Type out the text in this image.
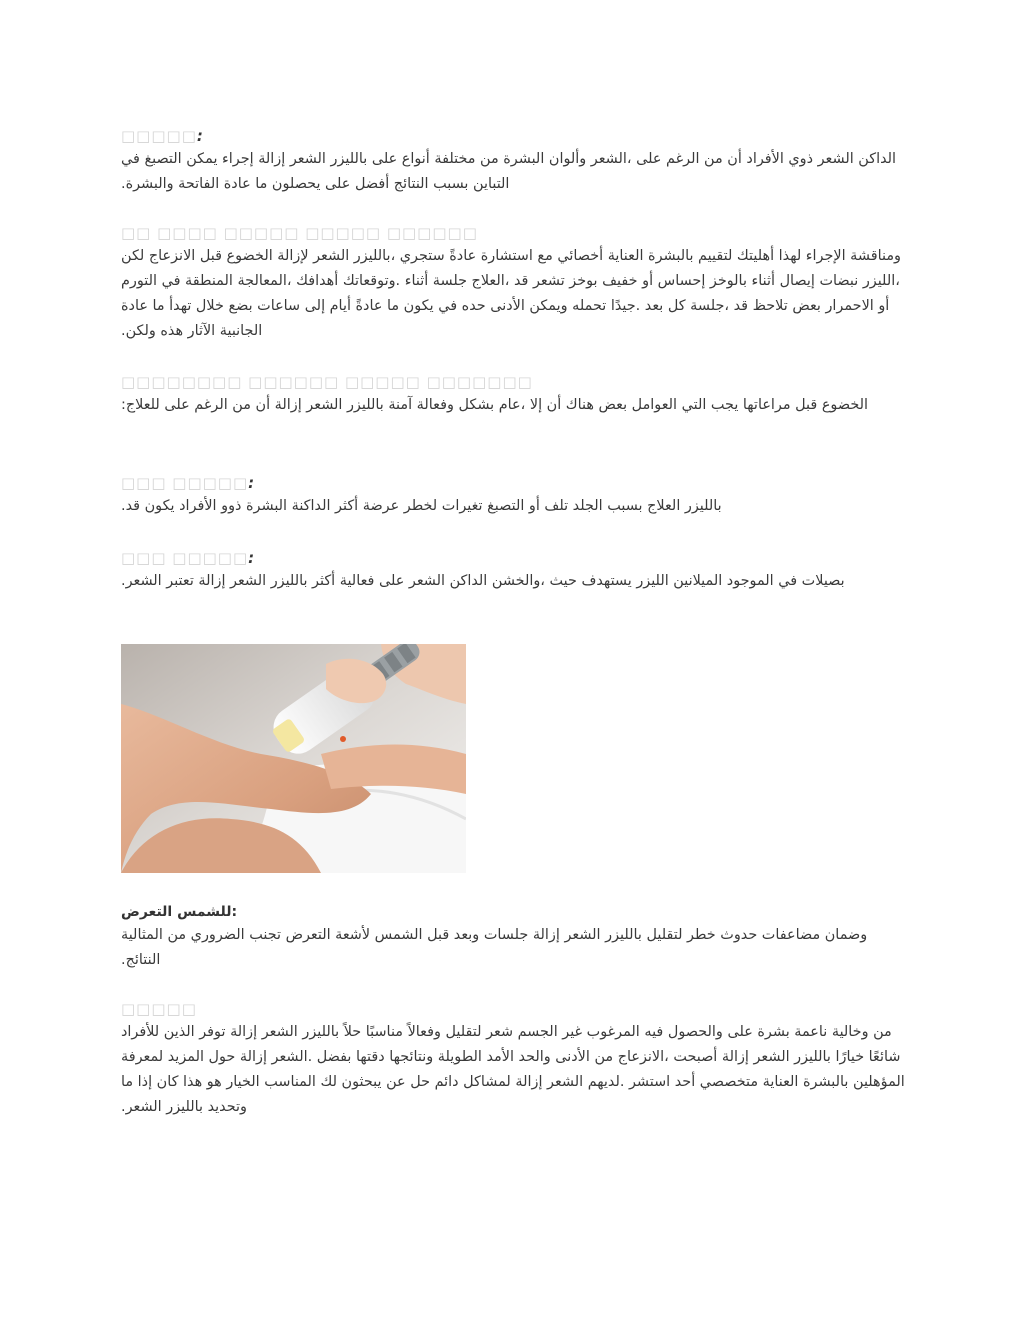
□□□□□:
الداكن الشعر ذوي الأفراد أن من الرغم على ،الشعر وألوان البشرة من مختلفة أنواع على بالليزر الشعر إزالة إجراء يمكن التصبغ في التباين بسبب النتائج أفضل على يحصلون ما عادة الفاتحة والبشرة.
□□ □□□□ □□□□□ □□□□□ □□□□□□
ومناقشة الإجراء لهذا أهليتك لتقييم بالبشرة العناية أخصائي مع استشارة عادةً ستجري ،بالليزر الشعر لإزالة الخضوع قبل الانزعاج لكن ،الليزر نبضات إيصال أثناء بالوخز إحساس أو خفيف بوخز تشعر قد ،العلاج جلسة أثناء .وتوقعاتك أهدافك ،المعالجة المنطقة في التورم أو الاحمرار بعض تلاحظ قد ،جلسة كل بعد .جيدًا تحمله ويمكن الأدنى حده في يكون ما عادةً أيام إلى ساعات بضع خلال تهدأ ما عادة الجانبية الآثار هذه ولكن.
□□□□□□□□ □□□□□□ □□□□□ □□□□□□□
الخضوع قبل مراعاتها يجب التي العوامل بعض هناك أن إلا ،عام بشكل وفعالة آمنة بالليزر الشعر إزالة أن من الرغم على للعلاج:
□□□ □□□□□:
بالليزر العلاج بسبب الجلد تلف أو التصبغ تغيرات لخطر عرضة أكثر الداكنة البشرة ذوو الأفراد يكون قد.
□□□ □□□□□:
بصيلات في الموجود الميلانين الليزر يستهدف حيث ،والخشن الداكن الشعر على فعالية أكثر بالليزر الشعر إزالة تعتبر الشعر.
للشمس التعرض:
وضمان مضاعفات حدوث خطر لتقليل بالليزر الشعر إزالة جلسات وبعد قبل الشمس لأشعة التعرض تجنب الضروري من المثالية النتائج.
□□□□□
من وخالية ناعمة بشرة على والحصول فيه المرغوب غير الجسم شعر لتقليل وفعالاً مناسبًا حلاً بالليزر الشعر إزالة توفر الذين للأفراد شائعًا خيارًا بالليزر الشعر إزالة أصبحت ،الانزعاج من الأدنى والحد الأمد الطويلة ونتائجها دقتها بفضل .الشعر إزالة حول المزيد لمعرفة المؤهلين بالبشرة العناية متخصصي أحد استشر .لديهم الشعر إزالة لمشاكل دائم حل عن يبحثون لك المناسب الخيار هو هذا كان إذا ما وتحديد بالليزر الشعر.
